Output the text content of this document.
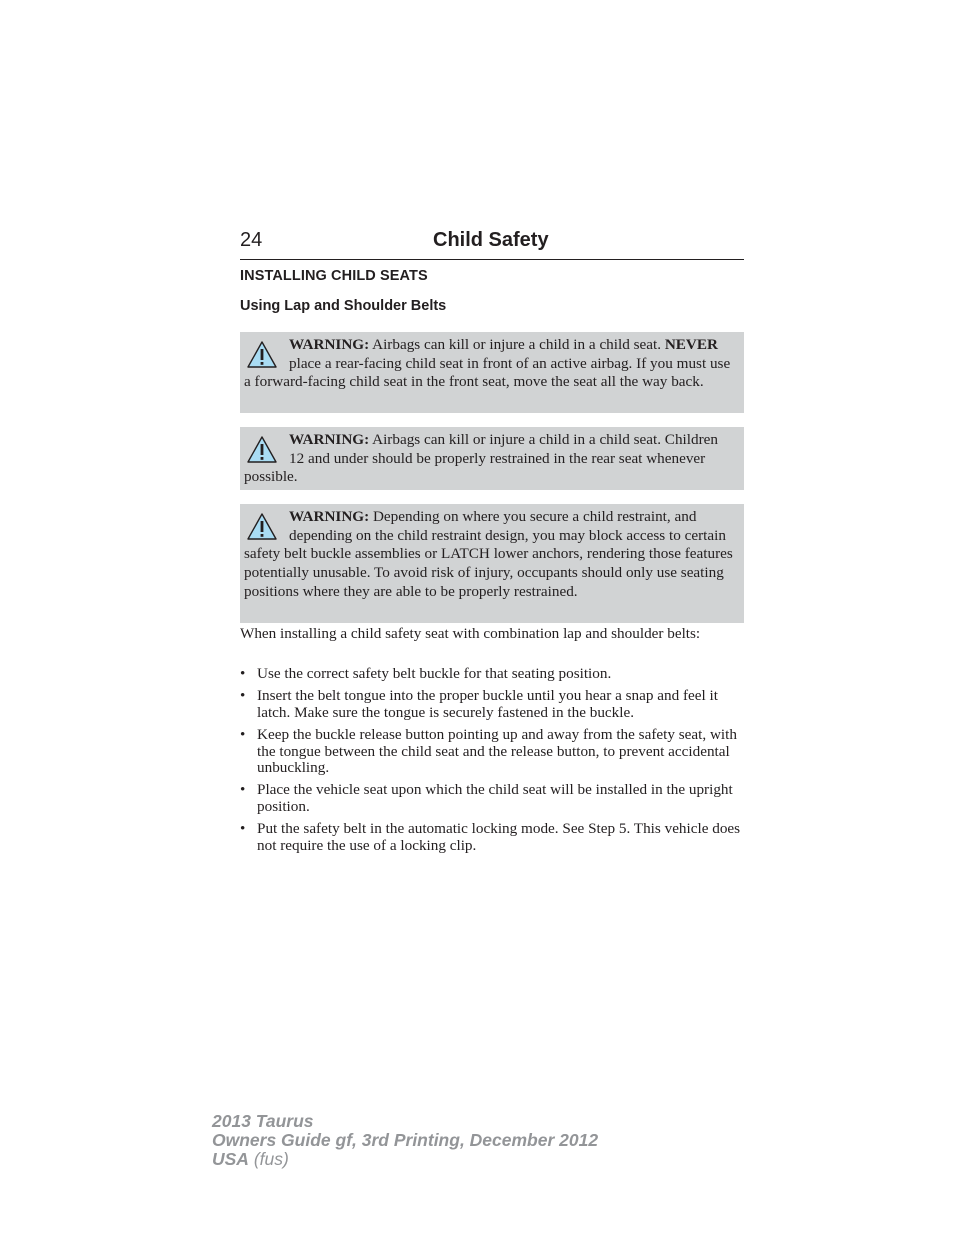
24	Child Safety
INSTALLING CHILD SEATS
Using Lap and Shoulder Belts
WARNING: Airbags can kill or injure a child in a child seat. NEVER place a rear-facing child seat in front of an active airbag. If you must use a forward-facing child seat in the front seat, move the seat all the way back.
WARNING: Airbags can kill or injure a child in a child seat. Children 12 and under should be properly restrained in the rear seat whenever possible.
WARNING: Depending on where you secure a child restraint, and depending on the child restraint design, you may block access to certain safety belt buckle assemblies or LATCH lower anchors, rendering those features potentially unusable. To avoid risk of injury, occupants should only use seating positions where they are able to be properly restrained.
When installing a child safety seat with combination lap and shoulder belts:
• Use the correct safety belt buckle for that seating position.
• Insert the belt tongue into the proper buckle until you hear a snap and feel it latch. Make sure the tongue is securely fastened in the buckle.
• Keep the buckle release button pointing up and away from the safety seat, with the tongue between the child seat and the release button, to prevent accidental unbuckling.
• Place the vehicle seat upon which the child seat will be installed in the upright position.
• Put the safety belt in the automatic locking mode. See Step 5. This vehicle does not require the use of a locking clip.
2013 Taurus
Owners Guide gf, 3rd Printing, December 2012
USA (fus)
